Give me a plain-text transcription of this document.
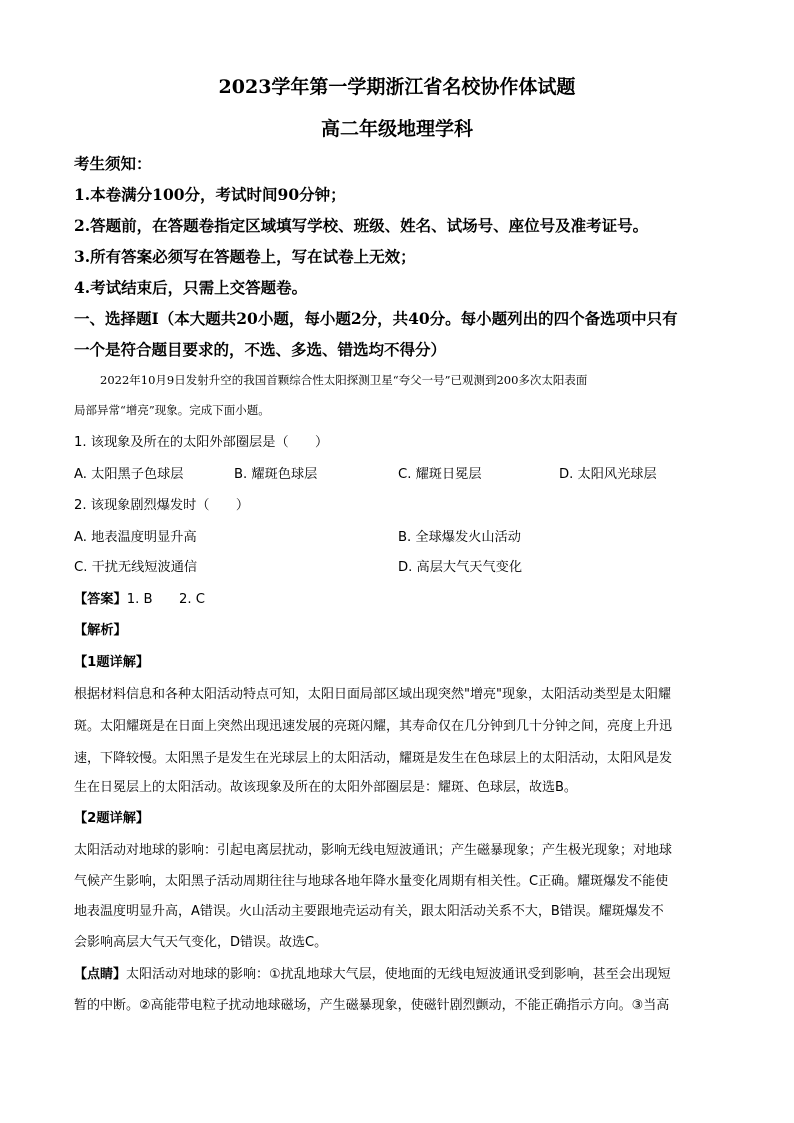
2023学年第一学期浙江省名校协作体试题
高二年级地理学科
考生须知：
1.本卷满分100分，考试时间90分钟；
2.答题前，在答题卷指定区域填写学校、班级、姓名、试场号、座位号及准考证号。
3.所有答案必须写在答题卷上，写在试卷上无效；
4.考试结束后，只需上交答题卷。
一、选择题Ⅰ（本大题共20小题，每小题2分，共40分。每小题列出的四个备选项中只有
一个是符合题目要求的，不选、多选、错选均不得分）
2022年10月9日发射升空的我国首颗综合性太阳探测卫星“夸父一号”已观测到200多次太阳表面
局部异常“增亮”现象。完成下面小题。
1. 该现象及所在的太阳外部圈层是（　　）
A. 太阳黑子色球层	B. 耀斑色球层	C. 耀斑日冕层	D. 太阳风光球层
2. 该现象剧烈爆发时（　　）
A. 地表温度明显升高	B. 全球爆发火山活动
C. 干扰无线短波通信	D. 高层大气天气变化
【答案】1. B　　2. C
【解析】
【1题详解】
根据材料信息和各种太阳活动特点可知，太阳日面局部区域出现突然"增亮"现象，太阳活动类型是太阳耀
斑。太阳耀斑是在日面上突然出现迅速发展的亮斑闪耀，其寿命仅在几分钟到几十分钟之间，亮度上升迅
速，下降较慢。太阳黑子是发生在光球层上的太阳活动，耀斑是发生在色球层上的太阳活动，太阳风是发
生在日冕层上的太阳活动。故该现象及所在的太阳外部圈层是：耀斑、色球层，故选B。
【2题详解】
太阳活动对地球的影响：引起电离层扰动，影响无线电短波通讯；产生磁暴现象；产生极光现象；对地球
气候产生影响，太阳黑子活动周期往往与地球各地年降水量变化周期有相关性。C正确。耀斑爆发不能使
地表温度明显升高，A错误。火山活动主要跟地壳运动有关，跟太阳活动关系不大，B错误。耀斑爆发不
会影响高层大气天气变化，D错误。故选C。
【点睛】太阳活动对地球的影响：①扰乱地球大气层，使地面的无线电短波通讯受到影响，甚至会出现短
暂的中断。②高能带电粒子扰动地球磁场，产生磁暴现象，使磁针剧烈颤动，不能正确指示方向。③当高
